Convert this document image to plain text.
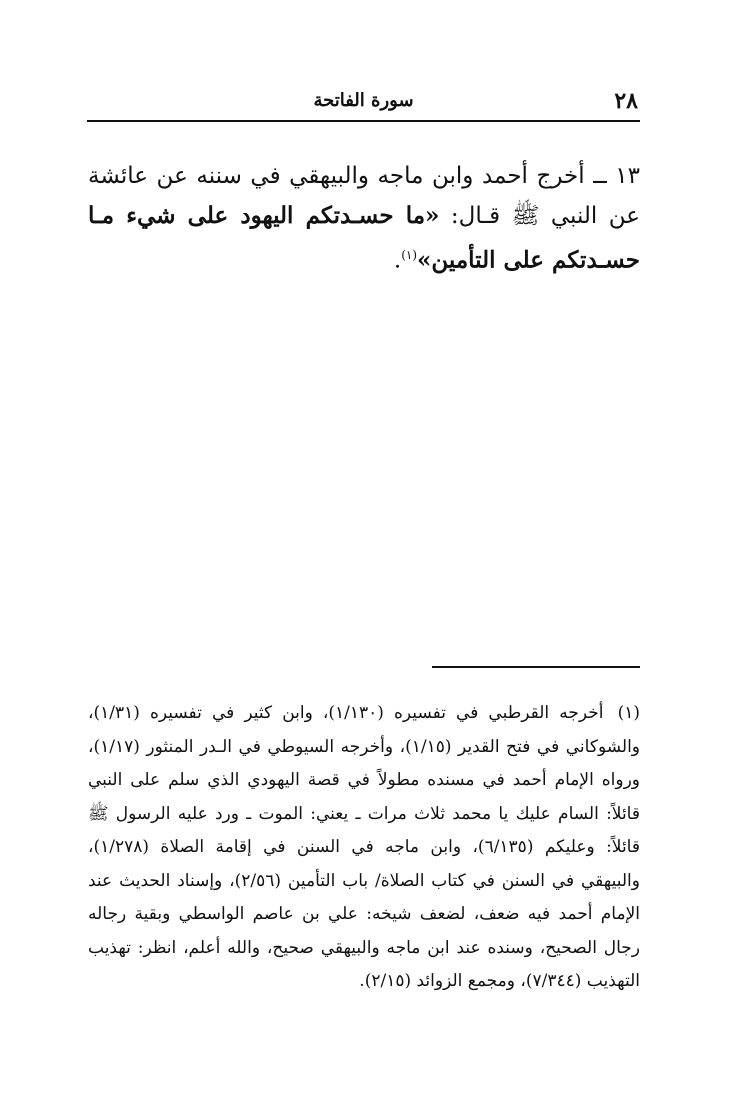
٢٨
سورة الفاتحة

١٣ ــ أخرج أحمد وابن ماجه والبيهقي في سننه عن عائشة عن النبي ﷺ قـال: «ما حسـدتكم اليهود على شيء مـا حسـدتكم على التأمين»$^{(١)}$.

(١) أخرجه القرطبي في تفسيره (١/١٣٠)، وابن كثير في تفسيره (١/٣١)، والشوكاني في فتح القدير (١/١٥)، وأخرجه السيوطي في الـدر المنثور (١/١٧)، ورواه الإمام أحمد في مسنده مطولاً في قصة اليهودي الذي سلم على النبي قائلاً: السام عليك يا محمد ثلاث مرات ـ يعني: الموت ـ ورد عليه الرسول ﷺ قائلاً: وعليكم (٦/١٣٥)، وابن ماجه في السنن في إقامة الصلاة (١/٢٧٨)، والبيهقي في السنن في كتاب الصلاة/ باب التأمين (٢/٥٦)، وإسناد الحديث عند الإمام أحمد فيه ضعف، لضعف شيخه: علي بن عاصم الواسطي وبقية رجاله رجال الصحيح، وسنده عند ابن ماجه والبيهقي صحيح، والله أعلم، انظر: تهذيب التهذيب (٧/٣٤٤)، ومجمع الزوائد (٢/١٥).
